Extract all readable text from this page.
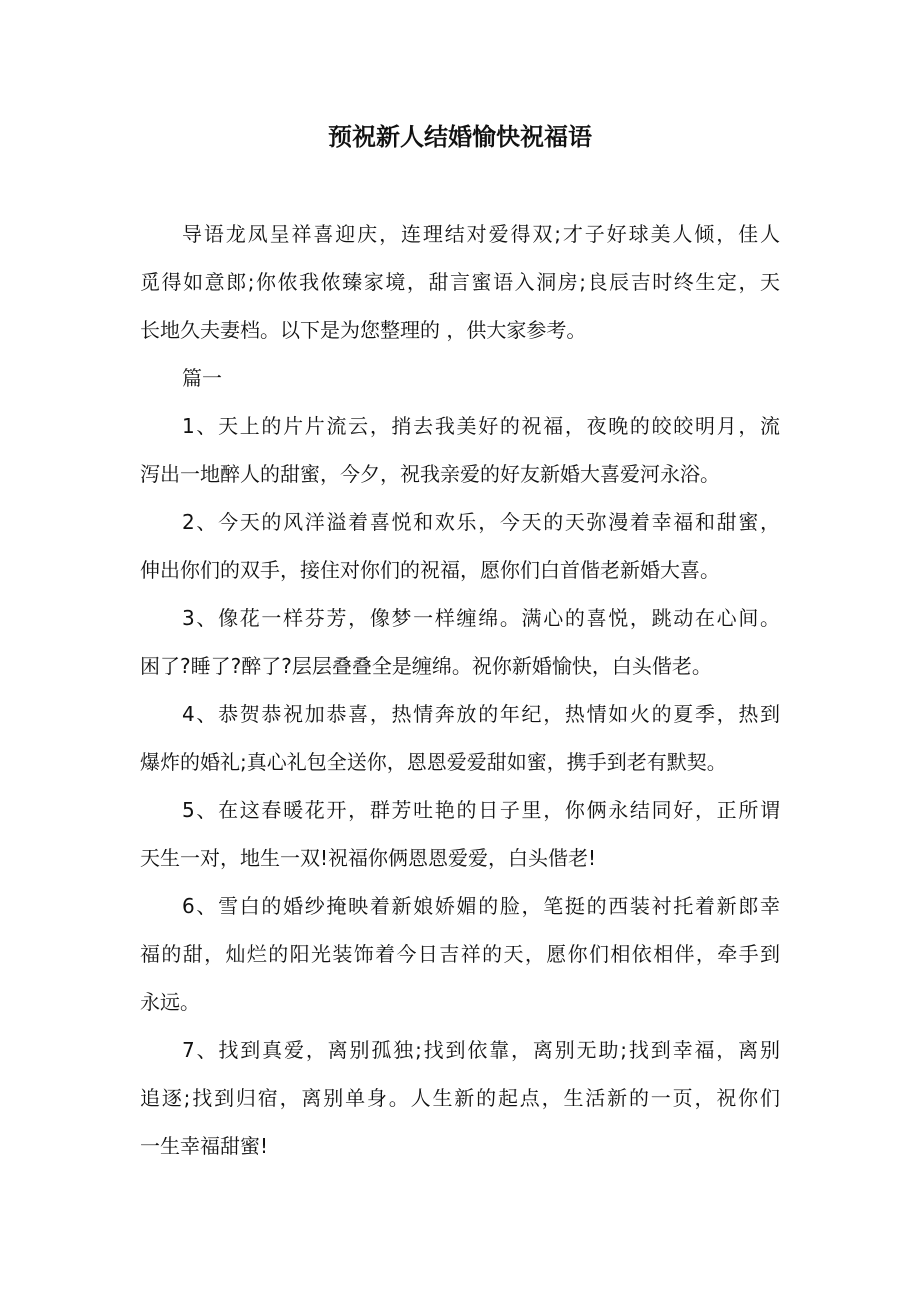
预祝新人结婚愉快祝福语
导语龙凤呈祥喜迎庆，连理结对爱得双;才子好球美人倾，佳人
觅得如意郎;你侬我侬臻家境，甜言蜜语入洞房;良辰吉时终生定，天
长地久夫妻档。以下是为您整理的 ，供大家参考。
篇一
1、天上的片片流云，捎去我美好的祝福，夜晚的皎皎明月，流
泻出一地醉人的甜蜜，今夕，祝我亲爱的好友新婚大喜爱河永浴。
2、今天的风洋溢着喜悦和欢乐，今天的天弥漫着幸福和甜蜜，
伸出你们的双手，接住对你们的祝福，愿你们白首偕老新婚大喜。
3、像花一样芬芳，像梦一样缠绵。满心的喜悦，跳动在心间。
困了?睡了?醉了?层层叠叠全是缠绵。祝你新婚愉快，白头偕老。
4、恭贺恭祝加恭喜，热情奔放的年纪，热情如火的夏季，热到
爆炸的婚礼;真心礼包全送你，恩恩爱爱甜如蜜，携手到老有默契。
5、在这春暖花开，群芳吐艳的日子里，你俩永结同好，正所谓
天生一对，地生一双!祝福你俩恩恩爱爱，白头偕老!
6、雪白的婚纱掩映着新娘娇媚的脸，笔挺的西装衬托着新郎幸
福的甜，灿烂的阳光装饰着今日吉祥的天，愿你们相依相伴，牵手到
永远。
7、找到真爱，离别孤独;找到依靠，离别无助;找到幸福，离别
追逐;找到归宿，离别单身。人生新的起点，生活新的一页，祝你们
一生幸福甜蜜!
